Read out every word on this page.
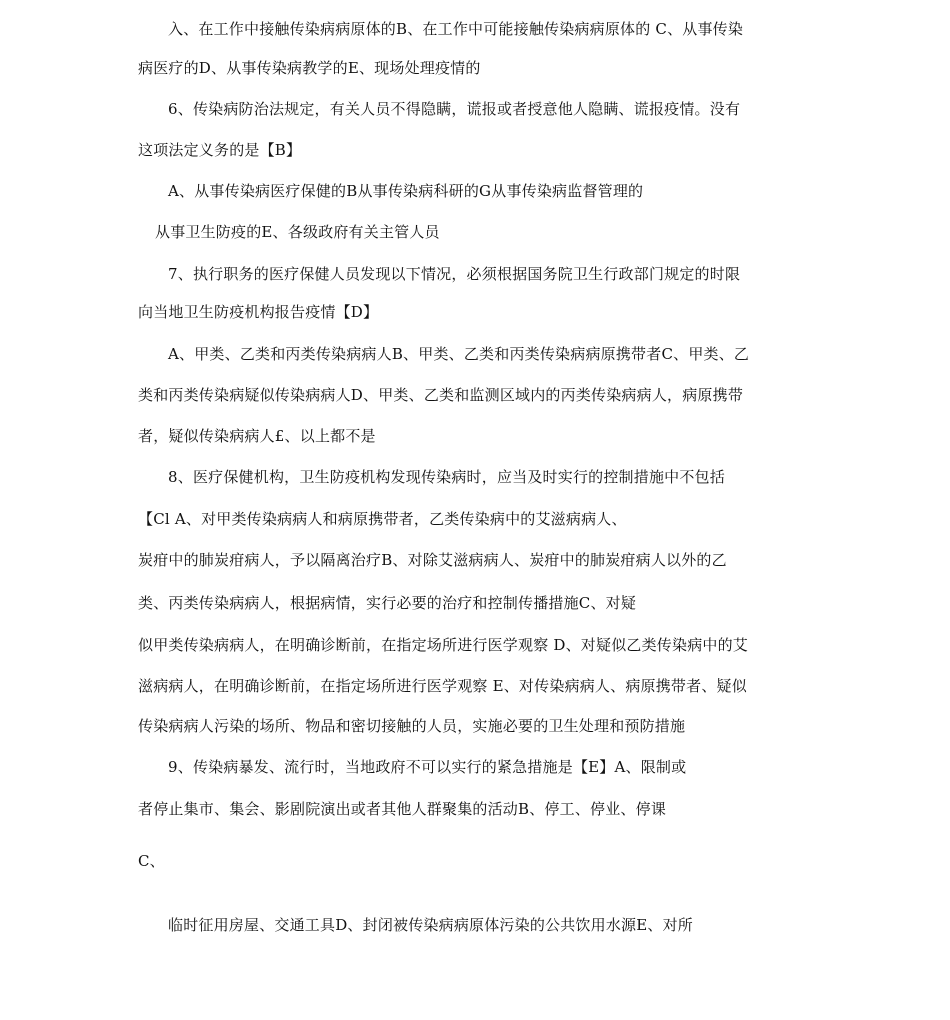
入、在工作中接触传染病病原体的B、在工作中可能接触传染病病原体的 C、从事传染
病医疗的D、从事传染病教学的E、现场处理疫情的
6、传染病防治法规定，有关人员不得隐瞒，谎报或者授意他人隐瞒、谎报疫情。没有
这项法定义务的是【B】
A、从事传染病医疗保健的B从事传染病科研的G从事传染病监督管理的
从事卫生防疫的E、各级政府有关主管人员
7、执行职务的医疗保健人员发现以下情况，必须根据国务院卫生行政部门规定的时限
向当地卫生防疫机构报告疫情【D】
A、甲类、乙类和丙类传染病病人B、甲类、乙类和丙类传染病病原携带者C、甲类、乙
类和丙类传染病疑似传染病病人D、甲类、乙类和监测区域内的丙类传染病病人，病原携带
者，疑似传染病病人£、以上都不是
8、医疗保健机构，卫生防疫机构发现传染病时，应当及时实行的控制措施中不包括
【Cl A、对甲类传染病病人和病原携带者，乙类传染病中的艾滋病病人、
炭疳中的肺炭疳病人，予以隔离治疗B、对除艾滋病病人、炭疳中的肺炭疳病人以外的乙
类、丙类传染病病人，根据病情，实行必要的治疗和控制传播措施C、对疑
似甲类传染病病人，在明确诊断前，在指定场所进行医学观察 D、对疑似乙类传染病中的艾
滋病病人，在明确诊断前，在指定场所进行医学观察 E、对传染病病人、病原携带者、疑似
传染病病人污染的场所、物品和密切接触的人员，实施必要的卫生处理和预防措施
9、传染病暴发、流行时，当地政府不可以实行的紧急措施是【E】A、限制或
者停止集市、集会、影剧院演出或者其他人群聚集的活动B、停工、停业、停课
C、
临时征用房屋、交通工具D、封闭被传染病病原体污染的公共饮用水源E、对所
